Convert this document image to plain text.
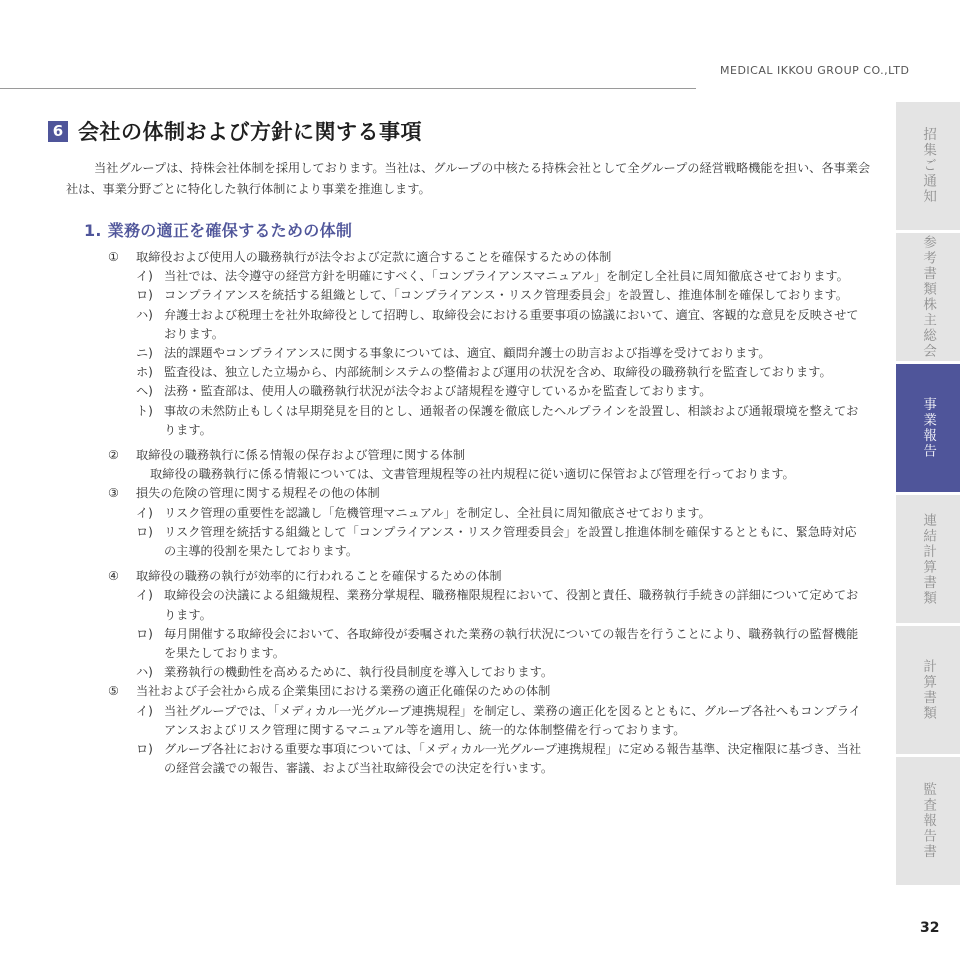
MEDICAL IKKOU GROUP CO.,LTD
6 会社の体制および方針に関する事項

当社グループは、持株会社体制を採用しております。当社は、グループの中核たる持株会社として全グループの経営戦略機能を担い、各事業会社は、事業分野ごとに特化した執行体制により事業を推進します。

1. 業務の適正を確保するための体制
①	取締役および使用人の職務執行が法令および定款に適合することを確保するための体制
イ) 当社では、法令遵守の経営方針を明確にすべく、「コンプライアンスマニュアル」を制定し全社員に周知徹底させております。
ロ) コンプライアンスを統括する組織として、「コンプライアンス・リスク管理委員会」を設置し、推進体制を確保しております。
ハ) 弁護士および税理士を社外取締役として招聘し、取締役会における重要事項の協議において、適宜、客観的な意見を反映させております。
ニ) 法的課題やコンプライアンスに関する事象については、適宜、顧問弁護士の助言および指導を受けております。
ホ) 監査役は、独立した立場から、内部統制システムの整備および運用の状況を含め、取締役の職務執行を監査しております。
ヘ) 法務・監査部は、使用人の職務執行状況が法令および諸規程を遵守しているかを監査しております。
ト) 事故の未然防止もしくは早期発見を目的とし、通報者の保護を徹底したヘルプラインを設置し、相談および通報環境を整えております。
②	取締役の職務執行に係る情報の保存および管理に関する体制
取締役の職務執行に係る情報については、文書管理規程等の社内規程に従い適切に保管および管理を行っております。
③	損失の危険の管理に関する規程その他の体制
イ) リスク管理の重要性を認識し「危機管理マニュアル」を制定し、全社員に周知徹底させております。
ロ) リスク管理を統括する組織として「コンプライアンス・リスク管理委員会」を設置し推進体制を確保するとともに、緊急時対応の主導的役割を果たしております。
④	取締役の職務の執行が効率的に行われることを確保するための体制
イ) 取締役会の決議による組織規程、業務分掌規程、職務権限規程において、役割と責任、職務執行手続きの詳細について定めております。
ロ) 毎月開催する取締役会において、各取締役が委嘱された業務の執行状況についての報告を行うことにより、職務執行の監督機能を果たしております。
ハ) 業務執行の機動性を高めるために、執行役員制度を導入しております。
⑤	当社および子会社から成る企業集団における業務の適正化確保のための体制
イ) 当社グループでは、「メディカル一光グループ連携規程」を制定し、業務の適正化を図るとともに、グループ各社へもコンプライアンスおよびリスク管理に関するマニュアル等を適用し、統一的な体制整備を行っております。
ロ) グループ各社における重要な事項については、「メディカル一光グループ連携規程」に定める報告基準、決定権限に基づき、当社の経営会議での報告、審議、および当社取締役会での決定を行います。
招集ご通知
参考書類株主総会
事業報告
連結計算書類
計算書類
監査報告書
32
